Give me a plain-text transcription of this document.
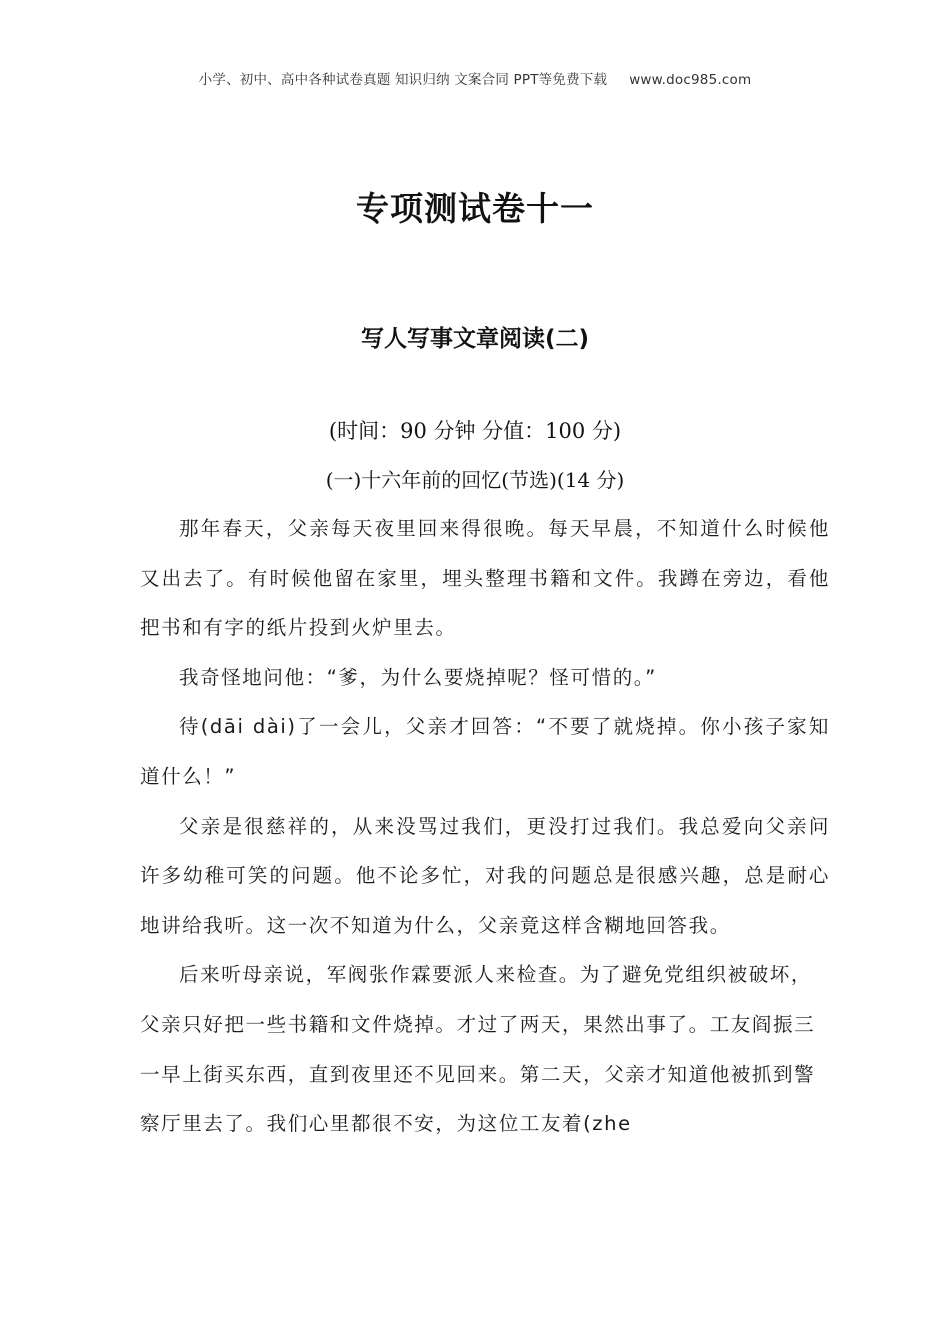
小学、初中、高中各种试卷真题 知识归纳 文案合同 PPT等免费下载 www.doc985.com
专项测试卷十一
写人写事文章阅读(二)
(时间：90 分钟 分值：100 分)
(一)十六年前的回忆(节选)(14 分)

那年春天，父亲每天夜里回来得很晚。每天早晨，不知道什么时候他又出去了。有时候他留在家里，埋头整理书籍和文件。我蹲在旁边，看他把书和有字的纸片投到火炉里去。

我奇怪地问他：“爹，为什么要烧掉呢？怪可惜的。”

待(dāi dài)了一会儿，父亲才回答：“不要了就烧掉。你小孩子家知道什么！”

父亲是很慈祥的，从来没骂过我们，更没打过我们。我总爱向父亲问许多幼稚可笑的问题。他不论多忙，对我的问题总是很感兴趣，总是耐心地讲给我听。这一次不知道为什么，父亲竟这样含糊地回答我。

后来听母亲说，军阀张作霖要派人来检查。为了避免党组织被破坏，父亲只好把一些书籍和文件烧掉。才过了两天，果然出事了。工友阎振三一早上街买东西，直到夜里还不见回来。第二天，父亲才知道他被抓到警察厅里去了。我们心里都很不安，为这位工友着(zhe
